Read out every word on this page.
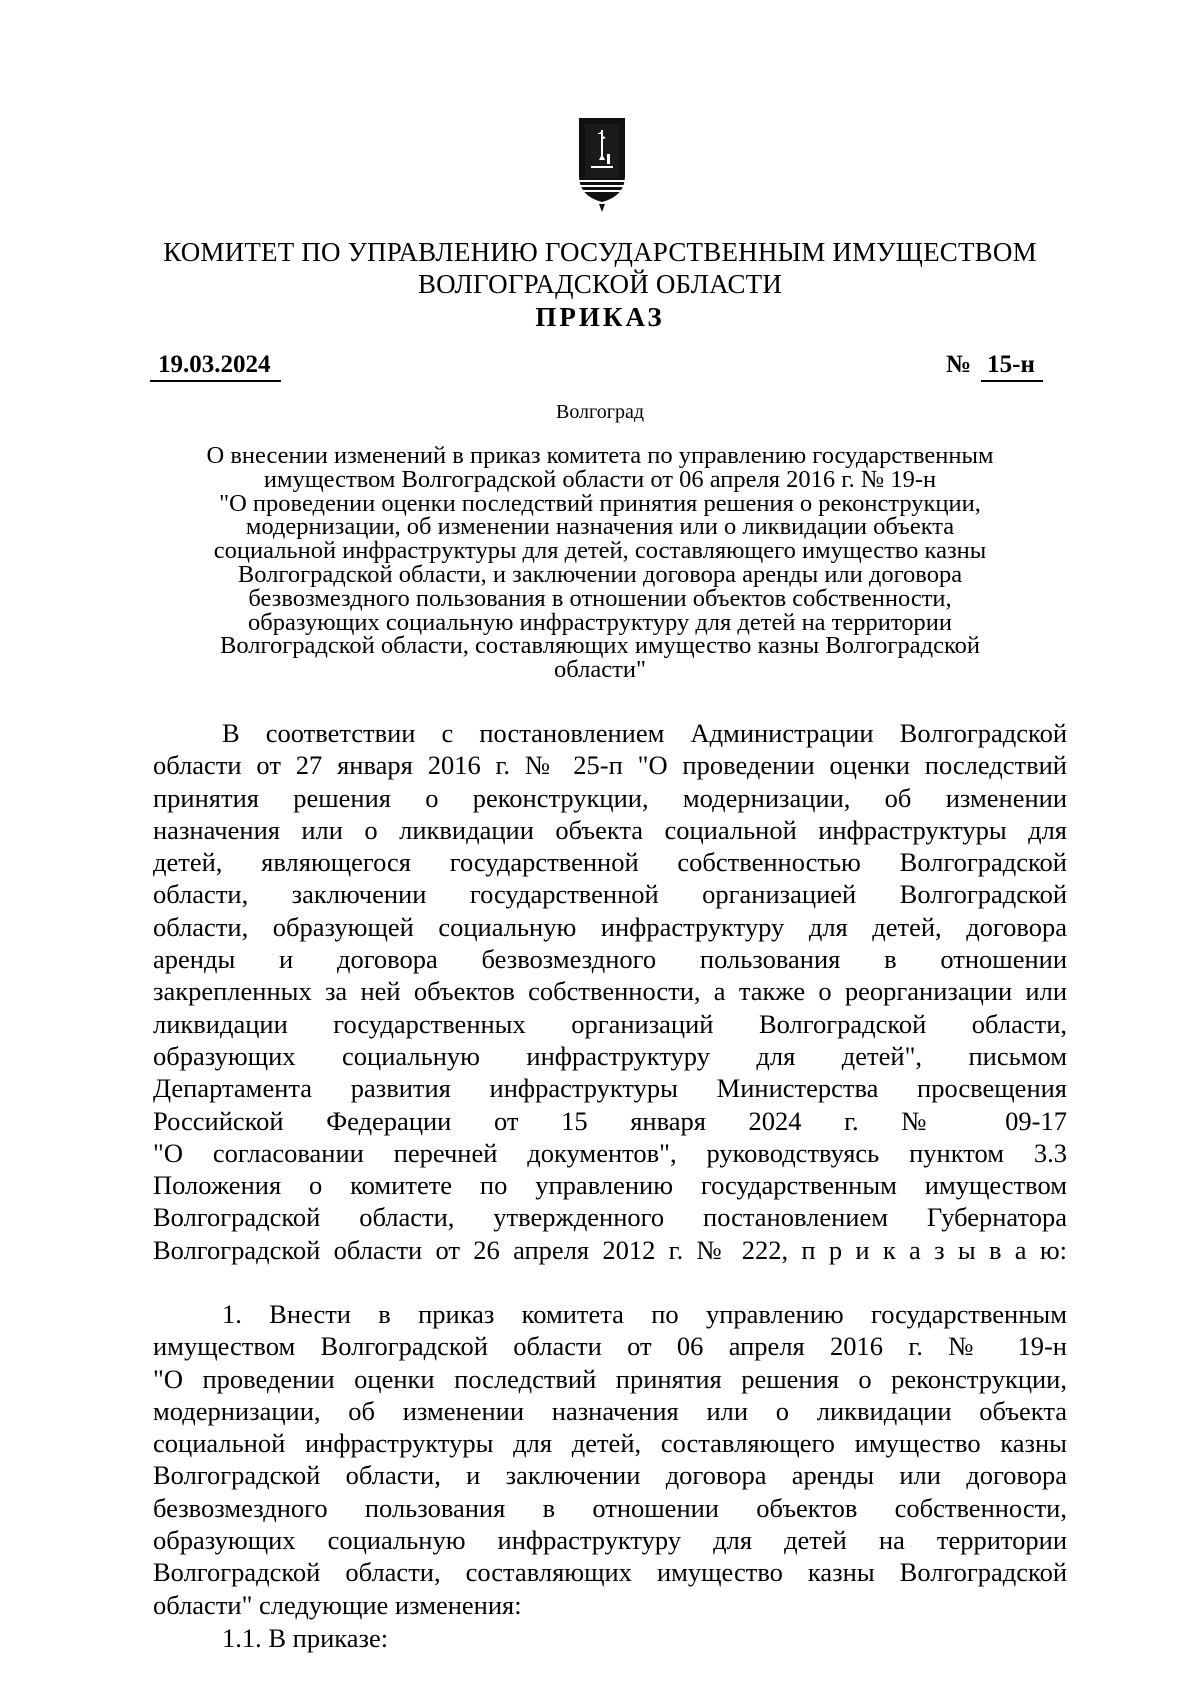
КОМИТЕТ ПО УПРАВЛЕНИЮ ГОСУДАРСТВЕННЫМ ИМУЩЕСТВОМ
ВОЛГОГРАДСКОЙ ОБЛАСТИ
ПРИКАЗ
19.03.2024	№ 15-н
Волгоград
О внесении изменений в приказ комитета по управлению государственным
имуществом Волгоградской области от 06 апреля 2016 г. № 19-н
"О проведении оценки последствий принятия решения о реконструкции,
модернизации, об изменении назначения или о ликвидации объекта
социальной инфраструктуры для детей, составляющего имущество казны
Волгоградской области, и заключении договора аренды или договора
безвозмездного пользования в отношении объектов собственности,
образующих социальную инфраструктуру для детей на территории
Волгоградской области, составляющих имущество казны Волгоградской
области"
В соответствии с постановлением Администрации Волгоградской
области от 27 января 2016 г. № 25-п "О проведении оценки последствий
принятия решения о реконструкции, модернизации, об изменении
назначения или о ликвидации объекта социальной инфраструктуры для
детей, являющегося государственной собственностью Волгоградской
области, заключении государственной организацией Волгоградской
области, образующей социальную инфраструктуру для детей, договора
аренды и договора безвозмездного пользования в отношении
закрепленных за ней объектов собственности, а также о реорганизации или
ликвидации государственных организаций Волгоградской области,
образующих социальную инфраструктуру для детей", письмом
Департамента развития инфраструктуры Министерства просвещения
Российской Федерации от 15 января 2024 г. № 09-17
"О согласовании перечней документов", руководствуясь пунктом 3.3
Положения о комитете по управлению государственным имуществом
Волгоградской области, утвержденного постановлением Губернатора
Волгоградской области от 26 апреля 2012 г. № 222, п р и к а з ы в а ю:
1. Внести в приказ комитета по управлению государственным
имуществом Волгоградской области от 06 апреля 2016 г. № 19-н
"О проведении оценки последствий принятия решения о реконструкции,
модернизации, об изменении назначения или о ликвидации объекта
социальной инфраструктуры для детей, составляющего имущество казны
Волгоградской области, и заключении договора аренды или договора
безвозмездного пользования в отношении объектов собственности,
образующих социальную инфраструктуру для детей на территории
Волгоградской области, составляющих имущество казны Волгоградской
области" следующие изменения:
1.1. В приказе:
